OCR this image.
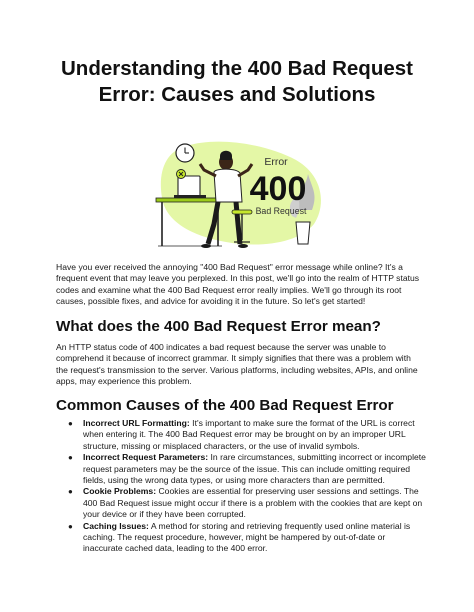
Understanding the 400 Bad Request
Error: Causes and Solutions
Error
400
Bad Request

Have you ever received the annoying "400 Bad Request" error message while online? It's a frequent event that may leave you perplexed. In this post, we'll go into the realm of HTTP status codes and examine what the 400 Bad Request error really implies. We'll go through its root causes, possible fixes, and advice for avoiding it in the future. So let's get started!

What does the 400 Bad Request Error mean?

An HTTP status code of 400 indicates a bad request because the server was unable to comprehend it because of incorrect grammar. It simply signifies that there was a problem with the request's transmission to the server. Various platforms, including websites, APIs, and online apps, may experience this problem.

Common Causes of the 400 Bad Request Error
● Incorrect URL Formatting: It's important to make sure the format of the URL is correct when entering it. The 400 Bad Request error may be brought on by an improper URL structure, missing or misplaced characters, or the use of invalid symbols.
● Incorrect Request Parameters: In rare circumstances, submitting incorrect or incomplete request parameters may be the source of the issue. This can include omitting required fields, using the wrong data types, or using more characters than are permitted.
● Cookie Problems: Cookies are essential for preserving user sessions and settings. The 400 Bad Request issue might occur if there is a problem with the cookies that are kept on your device or if they have been corrupted.
● Caching Issues: A method for storing and retrieving frequently used online material is caching. The request procedure, however, might be hampered by out-of-date or inaccurate cached data, leading to the 400 error.
